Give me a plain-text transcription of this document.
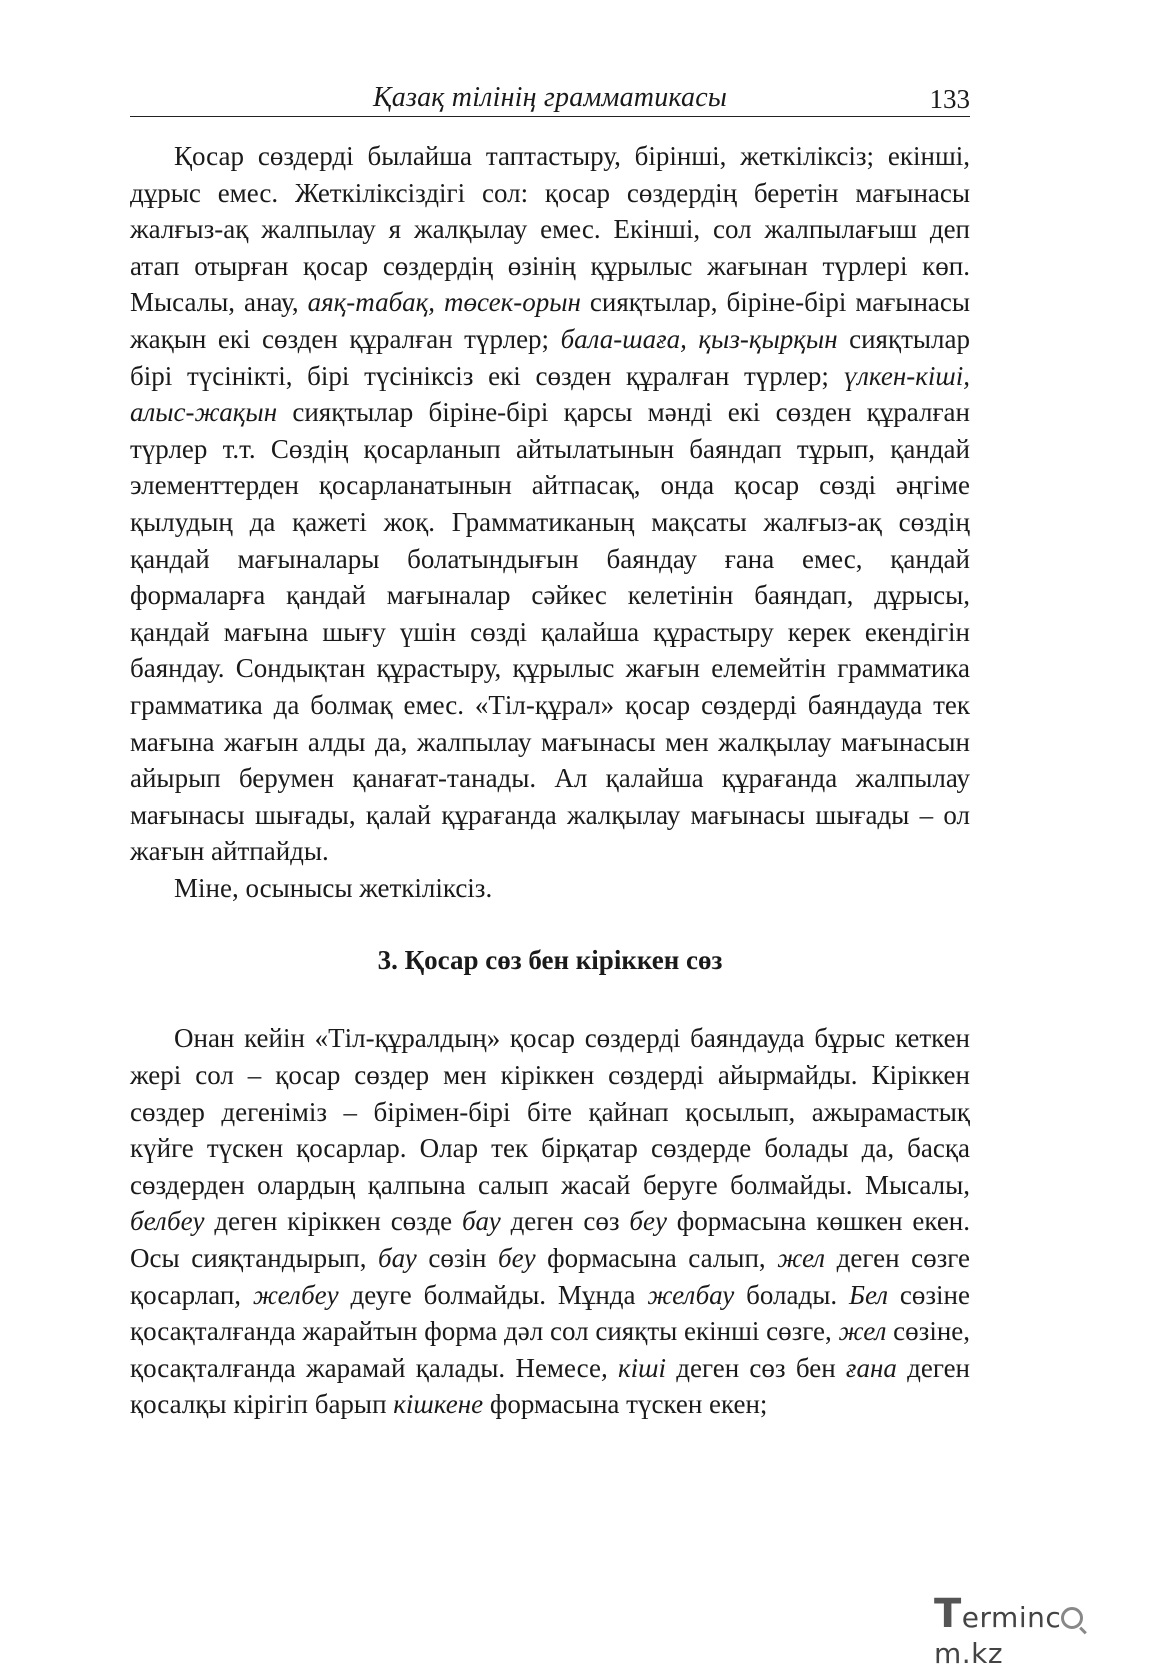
Қазақ тілінің грамматикасы	133

Қосар сөздерді былайша таптастыру, бірінші, жеткіліксіз; екінші, дұрыс емес. Жеткіліксіздігі сол: қосар сөздердің беретін мағынасы жалғыз-ақ жалпылау я жалқылау емес. Екінші, сол жалпылағыш деп атап отырған қосар сөздердің өзінің құрылыс жағынан түрлері көп. Мысалы, анау, аяқ-табақ, төсек-орын сияқтылар, біріне-бірі мағынасы жақын екі сөзден құралған түрлер; бала-шаға, қыз-қырқын сияқтылар бірі түсінікті, бірі түсініксіз екі сөзден құралған түрлер; үлкен-кіші, алыс-жақын сияқтылар біріне-бірі қарсы мәнді екі сөзден құралған түрлер т.т. Сөздің қосарланып айтылатынын баяндап тұрып, қандай элементтерден қосарланатынын айтпасақ, онда қосар сөзді әңгіме қылудың да қажеті жоқ. Грамматиканың мақсаты жалғыз-ақ сөздің қандай мағыналары болатындығын баяндау ғана емес, қандай формаларға қандай мағыналар сәйкес келетінін баяндап, дұрысы, қандай мағына шығу үшін сөзді қалайша құрастыру керек екендігін баяндау. Сондықтан құрастыру, құрылыс жағын елемейтін грамматика грамматика да болмақ емес. «Тіл-құрал» қосар сөздерді баяндауда тек мағына жағын алды да, жалпылау мағынасы мен жалқылау мағынасын айырып берумен қанағат-танады. Ал қалайша құрағанда жалпылау мағынасы шығады, қалай құрағанда жалқылау мағынасы шығады – ол жағын айтпайды.

Міне, осынысы жеткіліксіз.

3. Қосар сөз бен кіріккен сөз

Онан кейін «Тіл-құралдың» қосар сөздерді баяндауда бұрыс кеткен жері сол – қосар сөздер мен кіріккен сөздерді айырмайды. Кіріккен сөздер дегеніміз – бірімен-бірі біте қайнап қосылып, ажырамастық күйге түскен қосарлар. Олар тек бірқатар сөздерде болады да, басқа сөздерден олардың қалпына салып жасай беруге болмайды. Мысалы, белбеу деген кіріккен сөзде бау деген сөз беу формасына көшкен екен. Осы сияқтандырып, бау сөзін беу формасына салып, жел деген сөзге қосарлап, желбеу деуге болмайды. Мұнда желбау болады. Бел сөзіне қосақталғанда жарайтын форма дәл сол сияқты екінші сөзге, жел сөзіне, қосақталғанда жарамай қалады. Немесе, кіші деген сөз бен ғана деген қосалқы кірігіп барып кішкене формасына түскен екен;

Termincm.kz
